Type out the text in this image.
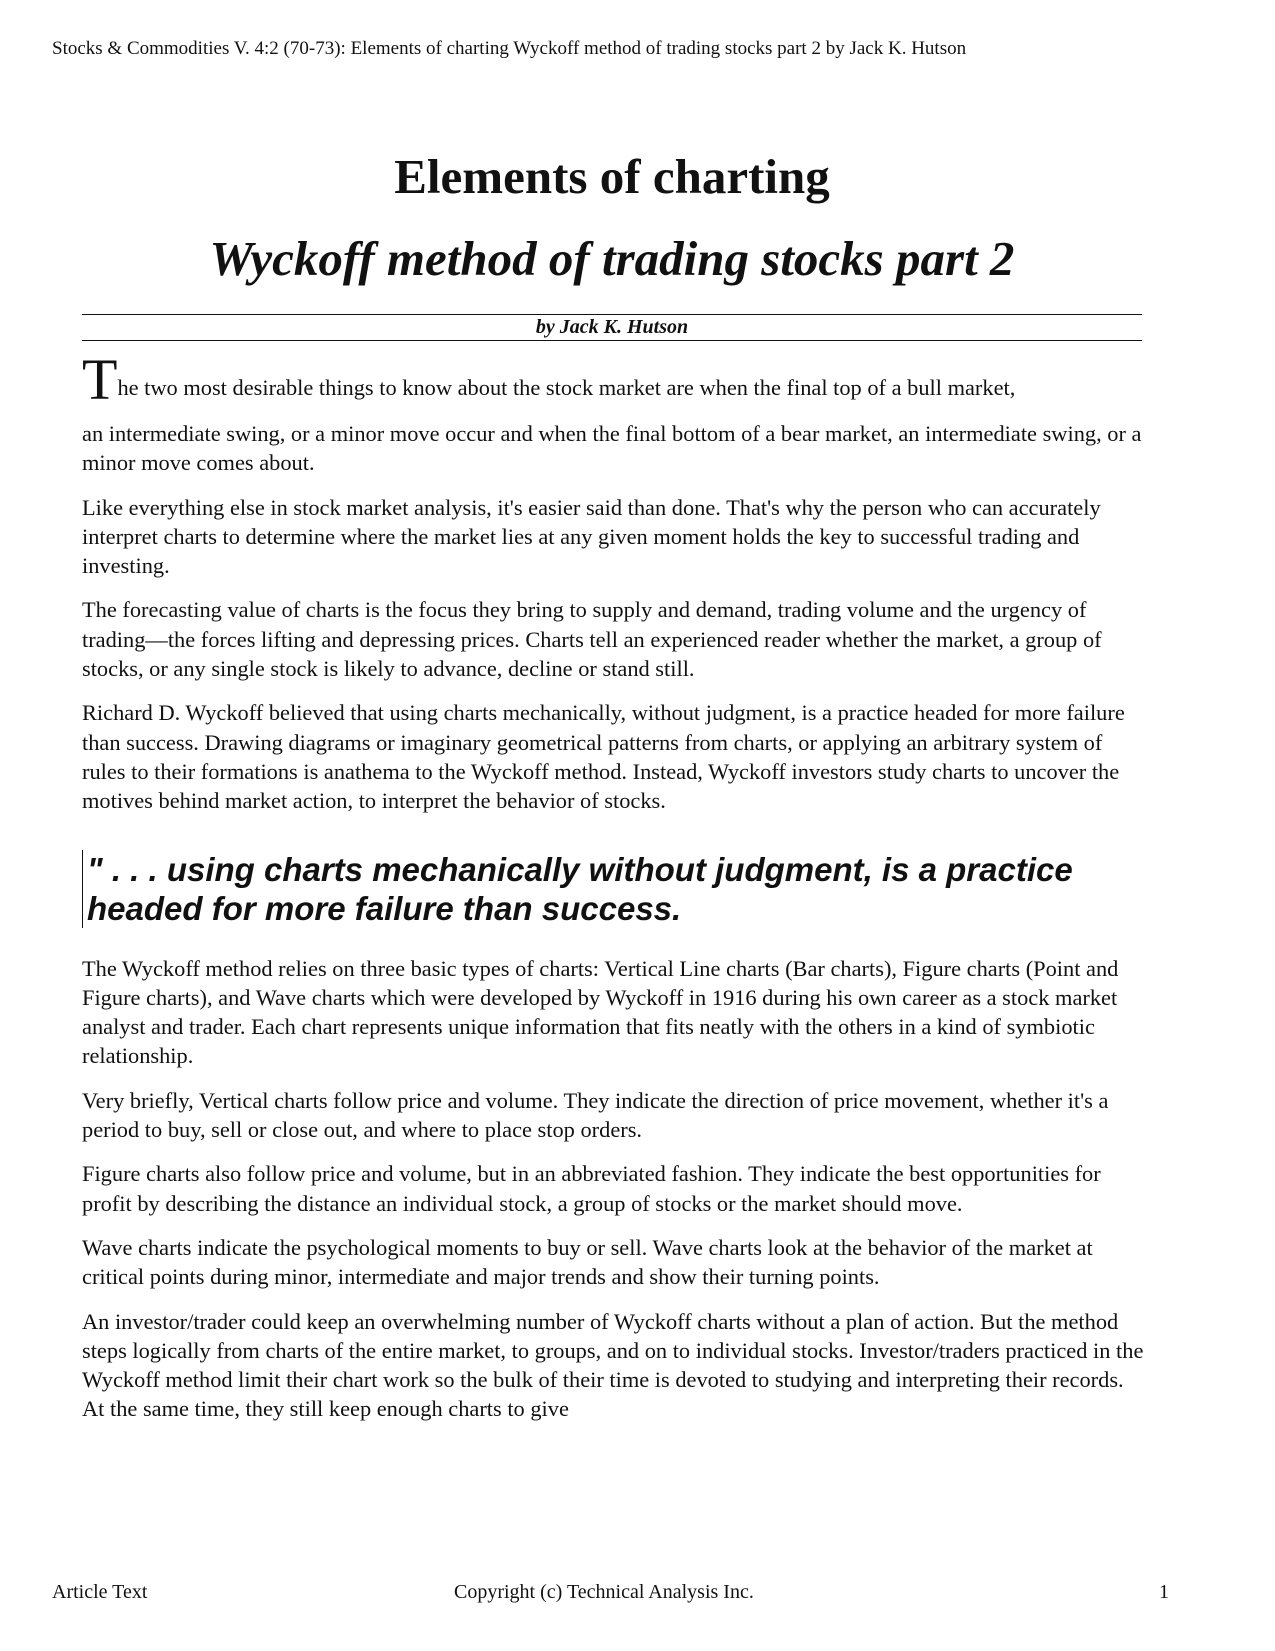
Stocks & Commodities V. 4:2 (70-73): Elements of charting Wyckoff method of trading stocks part 2 by Jack K. Hutson
Elements of charting
Wyckoff method of trading stocks part 2
by Jack K. Hutson

The two most desirable things to know about the stock market are when the final top of a bull market,

an intermediate swing, or a minor move occur and when the final bottom of a bear market, an intermediate swing, or a minor move comes about.

Like everything else in stock market analysis, it's easier said than done. That's why the person who can accurately interpret charts to determine where the market lies at any given moment holds the key to successful trading and investing.

The forecasting value of charts is the focus they bring to supply and demand, trading volume and the urgency of trading—the forces lifting and depressing prices. Charts tell an experienced reader whether the market, a group of stocks, or any single stock is likely to advance, decline or stand still.

Richard D. Wyckoff believed that using charts mechanically, without judgment, is a practice headed for more failure than success. Drawing diagrams or imaginary geometrical patterns from charts, or applying an arbitrary system of rules to their formations is anathema to the Wyckoff method. Instead, Wyckoff investors study charts to uncover the motives behind market action, to interpret the behavior of stocks.

" . . . using charts mechanically without judgment, is a practice headed for more failure than success.

The Wyckoff method relies on three basic types of charts: Vertical Line charts (Bar charts), Figure charts (Point and Figure charts), and Wave charts which were developed by Wyckoff in 1916 during his own career as a stock market analyst and trader. Each chart represents unique information that fits neatly with the others in a kind of symbiotic relationship.

Very briefly, Vertical charts follow price and volume. They indicate the direction of price movement, whether it's a period to buy, sell or close out, and where to place stop orders.

Figure charts also follow price and volume, but in an abbreviated fashion. They indicate the best opportunities for profit by describing the distance an individual stock, a group of stocks or the market should move.

Wave charts indicate the psychological moments to buy or sell. Wave charts look at the behavior of the market at critical points during minor, intermediate and major trends and show their turning points.

An investor/trader could keep an overwhelming number of Wyckoff charts without a plan of action. But the method steps logically from charts of the entire market, to groups, and on to individual stocks. Investor/traders practiced in the Wyckoff method limit their chart work so the bulk of their time is devoted to studying and interpreting their records. At the same time, they still keep enough charts to give

Article Text	Copyright (c) Technical Analysis Inc.	1
